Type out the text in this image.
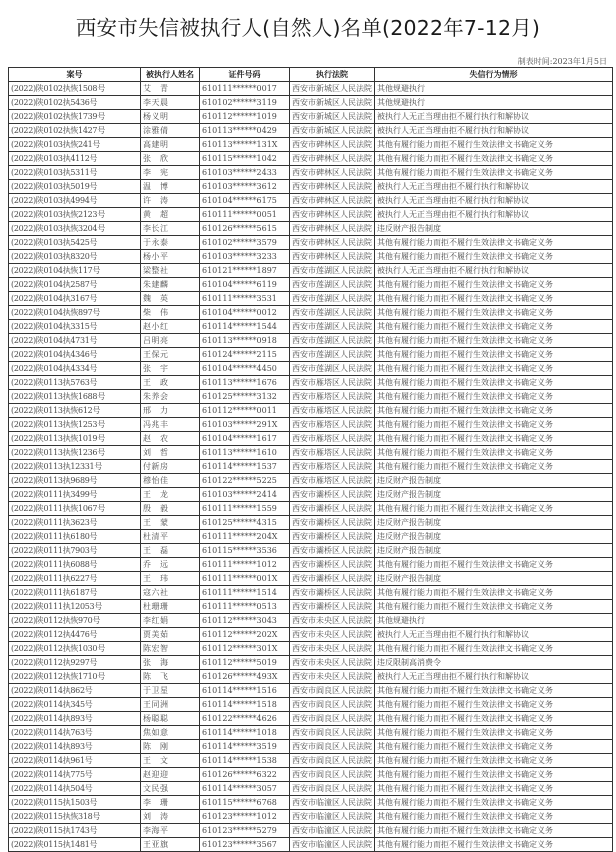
西安市失信被执行人(自然人)名单(2022年7-12月)
制表时间:2023年1月5日
案号	被执行人姓名	证件号码	执行法院	失信行为情形
(2022)陕0102执恢1508号	艾　青	610111******0017	西安市新城区人民法院	其他规避执行
(2022)陕0102执5436号	李天晨	610102******3119	西安市新城区人民法院	其他规避执行
(2022)陕0102执恢1739号	杨义明	610112******1019	西安市新城区人民法院	被执行人无正当理由拒不履行执行和解协议
(2022)陕0102执恢1427号	涂雅倩	610113******0429	西安市新城区人民法院	被执行人无正当理由拒不履行执行和解协议
(2022)陕0103执恢241号	高建明	610113******131X	西安市碑林区人民法院	其他有履行能力而拒不履行生效法律文书确定义务
(2022)陕0103执4112号	张　欣	610115******1042	西安市碑林区人民法院	其他有履行能力而拒不履行生效法律文书确定义务
(2022)陕0103执5311号	李　宪	610103******2433	西安市碑林区人民法院	其他有履行能力而拒不履行生效法律文书确定义务
(2022)陕0103执5019号	温　博	610103******3612	西安市碑林区人民法院	被执行人无正当理由拒不履行执行和解协议
(2022)陕0103执4994号	许　涛	610104******6175	西安市碑林区人民法院	被执行人无正当理由拒不履行执行和解协议
(2022)陕0103执恢2123号	黄　超	610111******0051	西安市碑林区人民法院	被执行人无正当理由拒不履行执行和解协议
(2022)陕0103执恢3204号	李长江	610126******5615	西安市碑林区人民法院	违反财产报告制度
(2022)陕0103执5425号	于永泰	610102******3579	西安市碑林区人民法院	其他有履行能力而拒不履行生效法律文书确定义务
(2022)陕0103执8320号	杨小平	610103******3233	西安市碑林区人民法院	其他有履行能力而拒不履行生效法律文书确定义务
(2022)陕0104执恢117号	梁整社	610121******1897	西安市莲湖区人民法院	被执行人无正当理由拒不履行执行和解协议
(2022)陕0104执2587号	朱建麟	610104******6119	西安市莲湖区人民法院	其他有履行能力而拒不履行生效法律文书确定义务
(2022)陕0104执3167号	魏　英	610111******3531	西安市莲湖区人民法院	其他有履行能力而拒不履行生效法律文书确定义务
(2022)陕0104执恢897号	柴　伟	610104******0012	西安市莲湖区人民法院	其他有履行能力而拒不履行生效法律文书确定义务
(2022)陕0104执3315号	赵小红	610114******1544	西安市莲湖区人民法院	其他有履行能力而拒不履行生效法律文书确定义务
(2022)陕0104执4731号	吕明亮	610113******0918	西安市莲湖区人民法院	其他有履行能力而拒不履行生效法律文书确定义务
(2022)陕0104执4346号	王保元	610124******2115	西安市莲湖区人民法院	其他有履行能力而拒不履行生效法律文书确定义务
(2022)陕0104执4334号	张　宇	610104******4450	西安市莲湖区人民法院	其他有履行能力而拒不履行生效法律文书确定义务
(2022)陕0113执5763号	王　政	610113******1676	西安市雁塔区人民法院	其他有履行能力而拒不履行生效法律文书确定义务
(2022)陕0113执恢1688号	朱养会	610125******3132	西安市雁塔区人民法院	其他有履行能力而拒不履行生效法律文书确定义务
(2022)陕0113执恢612号	邢　力	610112******0011	西安市雁塔区人民法院	其他有履行能力而拒不履行生效法律文书确定义务
(2022)陕0113执恢1253号	冯兆丰	610103******291X	西安市雁塔区人民法院	其他有履行能力而拒不履行生效法律文书确定义务
(2022)陕0113执恢1019号	赵　农	610104******1617	西安市雁塔区人民法院	其他有履行能力而拒不履行生效法律文书确定义务
(2022)陕0113执恢1236号	刘　哲	610113******1610	西安市雁塔区人民法院	其他有履行能力而拒不履行生效法律文书确定义务
(2022)陕0113执12331号	付新房	610114******1537	西安市雁塔区人民法院	其他有履行能力而拒不履行生效法律文书确定义务
(2022)陕0113执9689号	穆怡佳	610122******5225	西安市雁塔区人民法院	违反财产报告制度
(2022)陕0111执3499号	王　龙	610103******2414	西安市灞桥区人民法院	违反财产报告制度
(2022)陕0111执恢1067号	殷　毅	610111******1559	西安市灞桥区人民法院	其他有履行能力而拒不履行生效法律文书确定义务
(2022)陕0111执3623号	王　蒙	610125******4315	西安市灞桥区人民法院	违反财产报告制度
(2022)陕0111执6180号	杜清平	610111******204X	西安市灞桥区人民法院	违反财产报告制度
(2022)陕0111执7903号	王　磊	610115******3536	西安市灞桥区人民法院	违反财产报告制度
(2022)陕0111执6088号	乔　远	610111******1012	西安市灞桥区人民法院	其他有履行能力而拒不履行生效法律文书确定义务
(2022)陕0111执6227号	王　玮	610111******001X	西安市灞桥区人民法院	违反财产报告制度
(2022)陕0111执6187号	寇六社	610111******1514	西安市灞桥区人民法院	其他有履行能力而拒不履行生效法律文书确定义务
(2022)陕0111执12053号	杜珊珊	610111******0513	西安市灞桥区人民法院	其他有履行能力而拒不履行生效法律文书确定义务
(2022)陕0112执恢970号	李红娟	610112******3043	西安市未央区人民法院	其他规避执行
(2022)陕0112执4476号	贾美茹	610112******202X	西安市未央区人民法院	被执行人无正当理由拒不履行执行和解协议
(2022)陕0112执恢1030号	陈宏智	610112******301X	西安市未央区人民法院	其他有履行能力而拒不履行生效法律文书确定义务
(2022)陕0112执9297号	张　海	610112******5019	西安市未央区人民法院	违反限制高消费令
(2022)陕0112执恢1710号	陈　飞	610126******493X	西安市未央区人民法院	被执行人无正当理由拒不履行执行和解协议
(2022)陕0114执862号	于卫星	610114******1516	西安市阎良区人民法院	其他有履行能力而拒不履行生效法律文书确定义务
(2022)陕0114执345号	王同洲	610114******1518	西安市阎良区人民法院	其他有履行能力而拒不履行生效法律文书确定义务
(2022)陕0114执893号	杨聪聪	610122******4626	西安市阎良区人民法院	其他有履行能力而拒不履行生效法律文书确定义务
(2022)陕0114执763号	焦如意	610114******1018	西安市阎良区人民法院	其他有履行能力而拒不履行生效法律文书确定义务
(2022)陕0114执893号	陈　刚	610114******3519	西安市阎良区人民法院	其他有履行能力而拒不履行生效法律文书确定义务
(2022)陕0114执961号	王　文	610114******1538	西安市阎良区人民法院	其他有履行能力而拒不履行生效法律文书确定义务
(2022)陕0114执775号	赵迎迎	610126******6322	西安市阎良区人民法院	其他有履行能力而拒不履行生效法律文书确定义务
(2022)陕0114执504号	文民强	610114******3057	西安市阎良区人民法院	其他有履行能力而拒不履行生效法律文书确定义务
(2022)陕0115执1503号	李　珊	610115******6768	西安市临潼区人民法院	其他有履行能力而拒不履行生效法律文书确定义务
(2022)陕0115执恢318号	刘　涛	610123******1012	西安市临潼区人民法院	其他有履行能力而拒不履行生效法律文书确定义务
(2022)陕0115执1743号	李海平	610123******5279	西安市临潼区人民法院	其他有履行能力而拒不履行生效法律文书确定义务
(2022)陕0115执1481号	王亚旗	610123******3567	西安市临潼区人民法院	其他有履行能力而拒不履行生效法律文书确定义务
